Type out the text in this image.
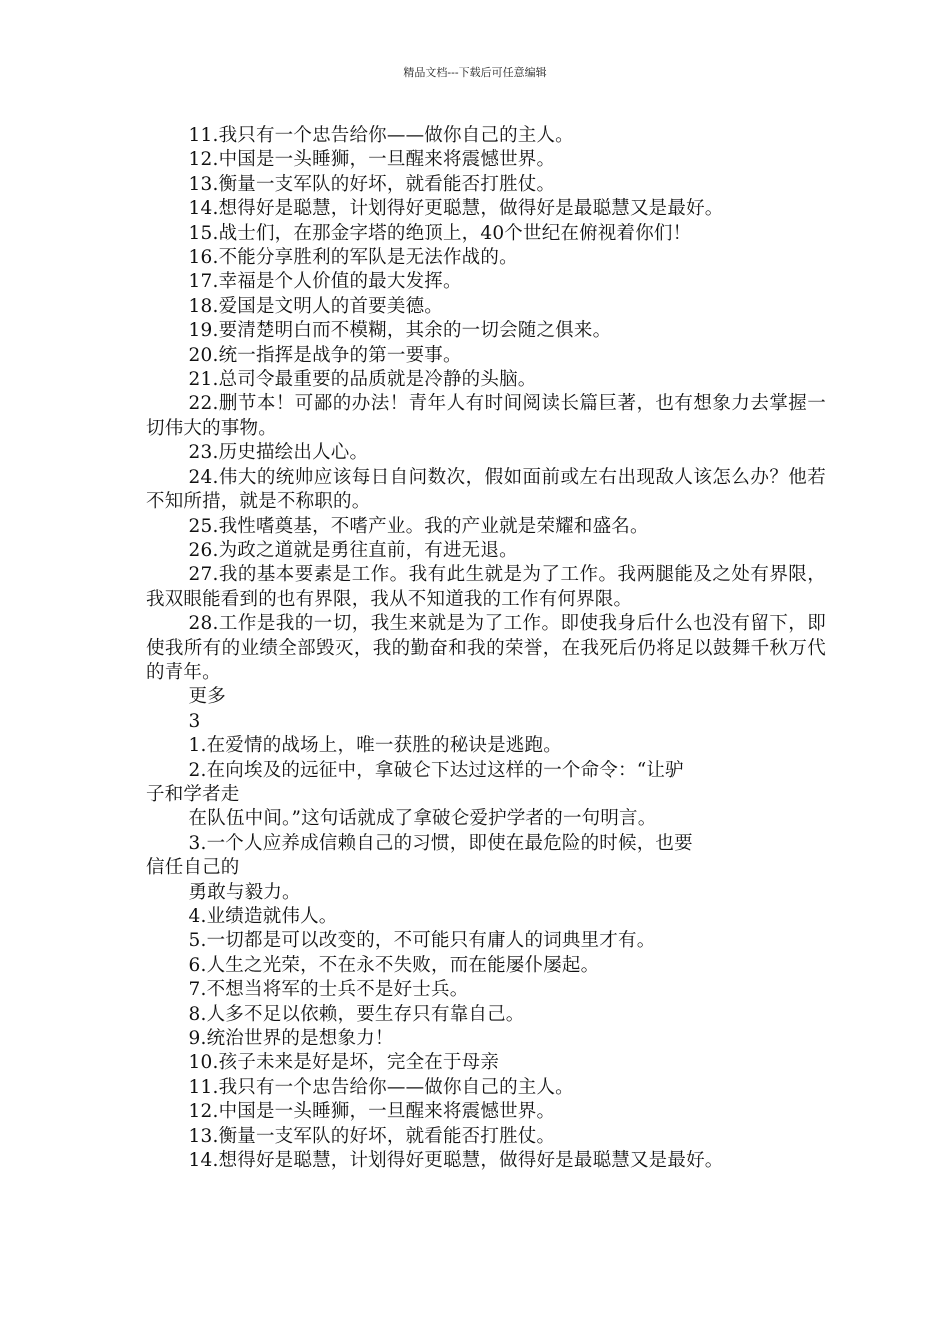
精品文档---下载后可任意编辑

11.我只有一个忠告给你——做你自己的主人。

12.中国是一头睡狮，一旦醒来将震憾世界。

13.衡量一支军队的好坏，就看能否打胜仗。

14.想得好是聪慧，计划得好更聪慧，做得好是最聪慧又是最好。

15.战士们，在那金字塔的绝顶上，40个世纪在俯视着你们！

16.不能分享胜利的军队是无法作战的。

17.幸福是个人价值的最大发挥。

18.爱国是文明人的首要美德。

19.要清楚明白而不模糊，其余的一切会随之俱来。

20.统一指挥是战争的第一要事。

21.总司令最重要的品质就是冷静的头脑。

22.删节本！可鄙的办法！青年人有时间阅读长篇巨著，也有想象力去掌握一切伟大的事物。

23.历史描绘出人心。

24.伟大的统帅应该每日自问数次，假如面前或左右出现敌人该怎么办？他若不知所措，就是不称职的。

25.我性嗜奠基，不嗜产业。我的产业就是荣耀和盛名。

26.为政之道就是勇往直前，有进无退。

27.我的基本要素是工作。我有此生就是为了工作。我两腿能及之处有界限，我双眼能看到的也有界限，我从不知道我的工作有何界限。

28.工作是我的一切，我生来就是为了工作。即使我身后什么也没有留下，即使我所有的业绩全部毁灭，我的勤奋和我的荣誉，在我死后仍将足以鼓舞千秋万代的青年。

更多

3

1.在爱情的战场上，唯一获胜的秘诀是逃跑。

2.在向埃及的远征中，拿破仑下达过这样的一个命令：“让驴

子和学者走

在队伍中间。”这句话就成了拿破仑爱护学者的一句明言。

3.一个人应养成信赖自己的习惯，即使在最危险的时候，也要

信任自己的

勇敢与毅力。

4.业绩造就伟人。

5.一切都是可以改变的，不可能只有庸人的词典里才有。

6.人生之光荣，不在永不失败，而在能屡仆屡起。

7.不想当将军的士兵不是好士兵。

8.人多不足以依赖，要生存只有靠自己。

9.统治世界的是想象力！

10.孩子未来是好是坏，完全在于母亲

11.我只有一个忠告给你——做你自己的主人。

12.中国是一头睡狮，一旦醒来将震憾世界。

13.衡量一支军队的好坏，就看能否打胜仗。

14.想得好是聪慧，计划得好更聪慧，做得好是最聪慧又是最好。
